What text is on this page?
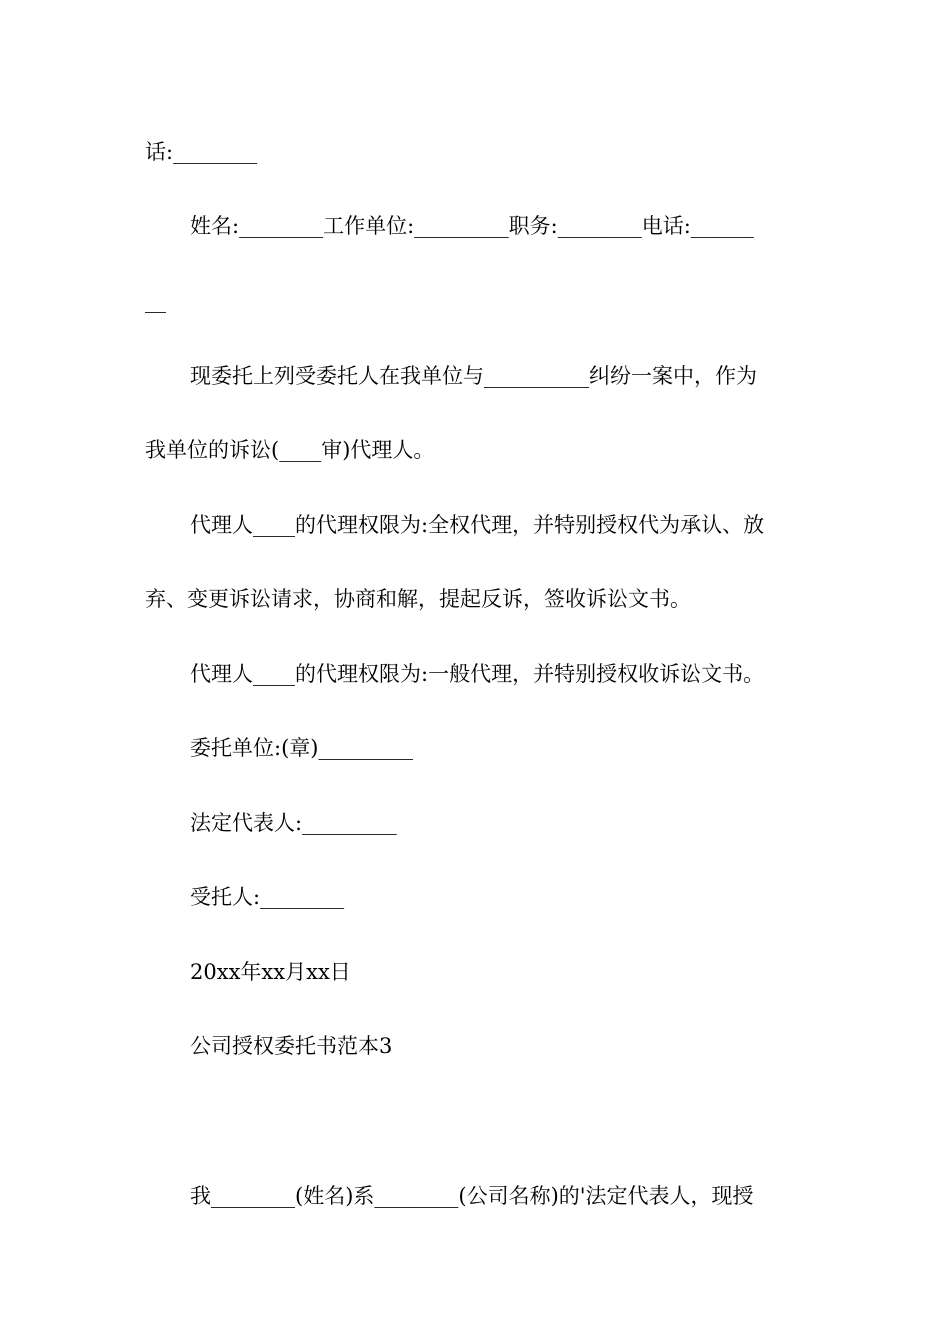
话:________
姓名:________工作单位:_________职务:________电话:______
__
现委托上列受委托人在我单位与__________纠纷一案中，作为
我单位的诉讼(____审)代理人。
代理人____的代理权限为:全权代理，并特别授权代为承认、放
弃、变更诉讼请求，协商和解，提起反诉，签收诉讼文书。
代理人____的代理权限为:一般代理，并特别授权收诉讼文书。
委托单位:(章)_________
法定代表人:_________
受托人:________
20xx年xx月xx日
公司授权委托书范本3
我________(姓名)系________(公司名称)的'法定代表人，现授
